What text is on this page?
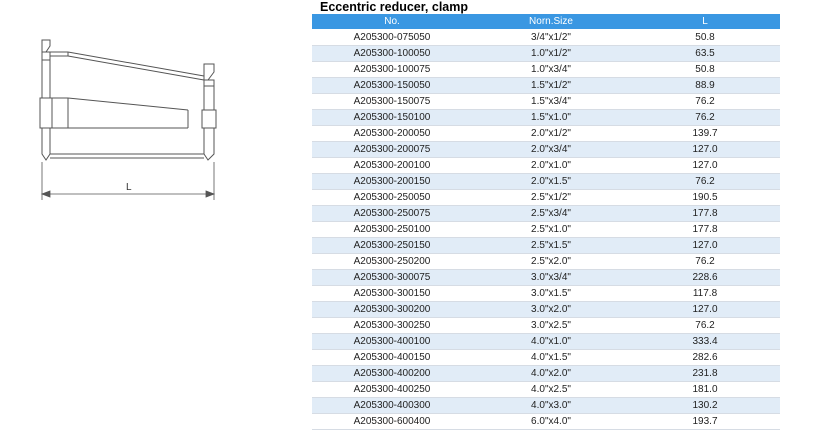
L
Eccentric reducer, clamp
No.	Norn.Size	L
A205300-075050	3/4"x1/2"	50.8
A205300-100050	1.0"x1/2"	63.5
A205300-100075	1.0"x3/4"	50.8
A205300-150050	1.5"x1/2"	88.9
A205300-150075	1.5"x3/4"	76.2
A205300-150100	1.5"x1.0"	76.2
A205300-200050	2.0"x1/2"	139.7
A205300-200075	2.0"x3/4"	127.0
A205300-200100	2.0"x1.0"	127.0
A205300-200150	2.0"x1.5"	76.2
A205300-250050	2.5"x1/2"	190.5
A205300-250075	2.5"x3/4"	177.8
A205300-250100	2.5"x1.0"	177.8
A205300-250150	2.5"x1.5"	127.0
A205300-250200	2.5"x2.0"	76.2
A205300-300075	3.0"x3/4"	228.6
A205300-300150	3.0"x1.5"	117.8
A205300-300200	3.0"x2.0"	127.0
A205300-300250	3.0"x2.5"	76.2
A205300-400100	4.0"x1.0"	333.4
A205300-400150	4.0"x1.5"	282.6
A205300-400200	4.0"x2.0"	231.8
A205300-400250	4.0"x2.5"	181.0
A205300-400300	4.0"x3.0"	130.2
A205300-600400	6.0"x4.0"	193.7
